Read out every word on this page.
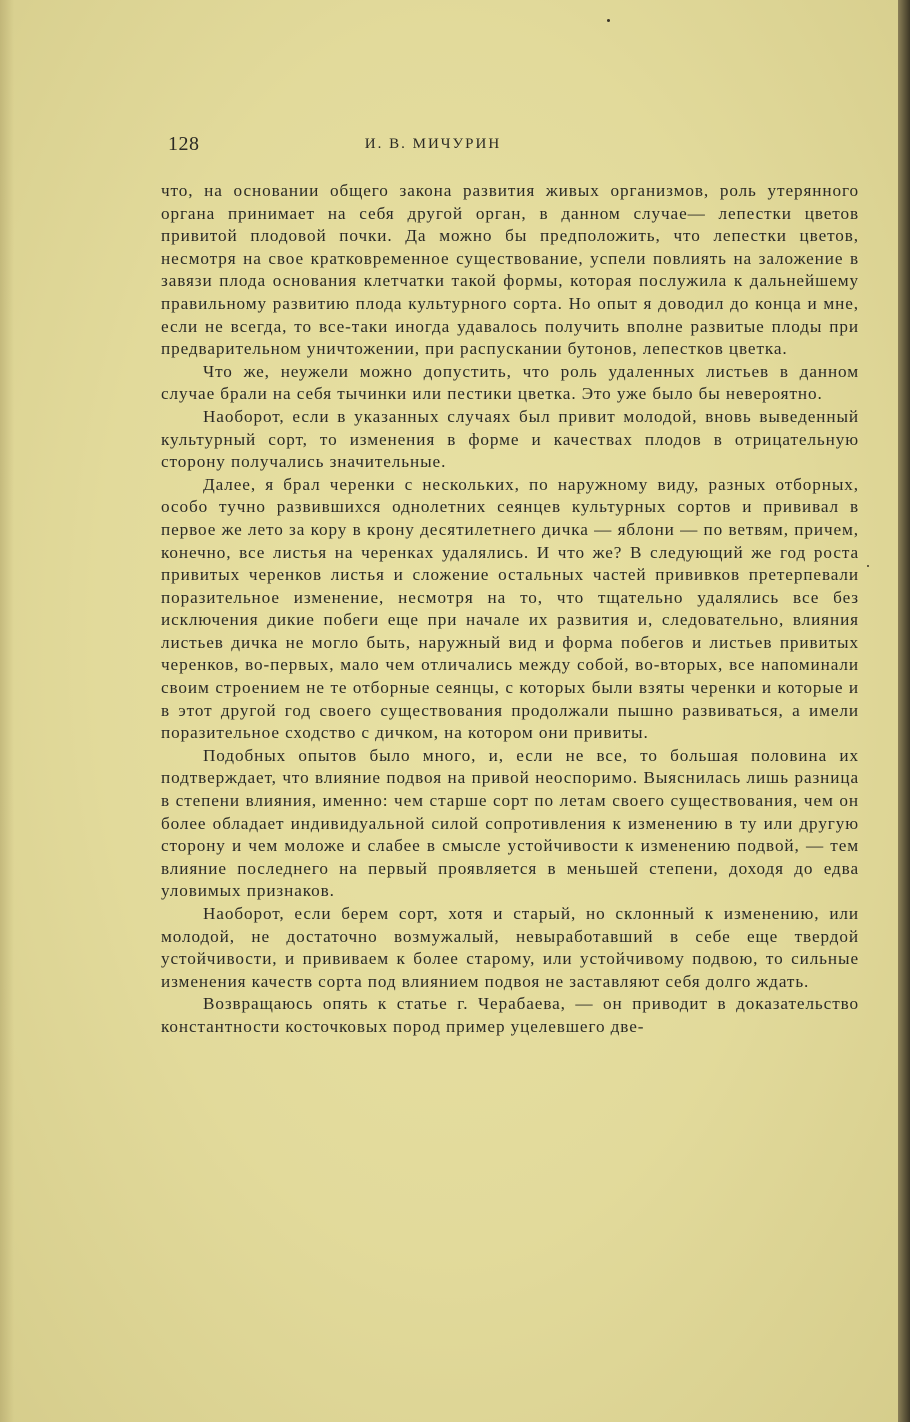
128	И. В. МИЧУРИН

что, на основании общего закона развития живых организмов, роль утерянного органа принимает на себя другой орган, в данном случае— лепестки цветов привитой плодовой почки. Да можно бы предположить, что лепестки цветов, несмотря на свое кратковременное существование, успели повлиять на заложение в завязи плода основания клетчатки такой формы, которая послужила к дальнейшему правильному развитию плода культурного сорта. Но опыт я доводил до конца и мне, если не всегда, то все-таки иногда удавалось получить вполне развитые плоды при предварительном уничтожении, при распускании бутонов, лепестков цветка.

Что же, неужели можно допустить, что роль удаленных листьев в данном случае брали на себя тычинки или пестики цветка. Это уже было бы невероятно.

Наоборот, если в указанных случаях был привит молодой, вновь выведенный культурный сорт, то изменения в форме и качествах плодов в отрицательную сторону получались значительные.

Далее, я брал черенки с нескольких, по наружному виду, разных отборных, особо тучно развившихся однолетних сеянцев культурных сортов и прививал в первое же лето за кору в крону десятилетнего дичка — яблони — по ветвям, причем, конечно, все листья на черенках удалялись. И что же? В следующий же год роста привитых черенков листья и сложение остальных частей прививков претерпевали поразительное изменение, несмотря на то, что тщательно удалялись все без исключения дикие побеги еще при начале их развития и, следовательно, влияния листьев дичка не могло быть, наружный вид и форма побегов и листьев привитых черенков, во-первых, мало чем отличались между собой, во-вторых, все напоминали своим строением не те отборные сеянцы, с которых были взяты черенки и которые и в этот другой год своего существования продолжали пышно развиваться, а имели поразительное сходство с дичком, на котором они привиты.

Подобных опытов было много, и, если не все, то большая половина их подтверждает, что влияние подвоя на привой неоспоримо. Выяснилась лишь разница в степени влияния, именно: чем старше сорт по летам своего существования, чем он более обладает индивидуальной силой сопротивления к изменению в ту или другую сторону и чем моложе и слабее в смысле устойчивости к изменению подвой, — тем влияние последнего на первый проявляется в меньшей степени, доходя до едва уловимых признаков.

Наоборот, если берем сорт, хотя и старый, но склонный к изменению, или молодой, не достаточно возмужалый, невыработавший в себе еще твердой устойчивости, и прививаем к более старому, или устойчивому подвою, то сильные изменения качеств сорта под влиянием подвоя не заставляют себя долго ждать.

Возвращаюсь опять к статье г. Черабаева, — он приводит в доказательство константности косточковых пород пример уцелевшего две-
